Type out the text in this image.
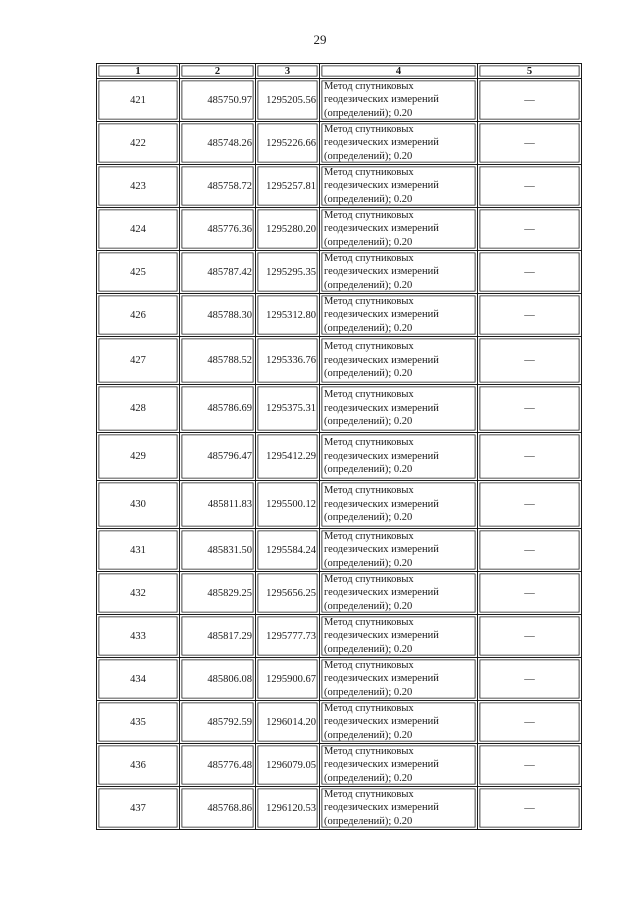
29
1	2	3	4	5
421	485750.97	1295205.56	Метод спутниковых
геодезических измерений
(определений); 0.20	—
422	485748.26	1295226.66	Метод спутниковых
геодезических измерений
(определений); 0.20	—
423	485758.72	1295257.81	Метод спутниковых
геодезических измерений
(определений); 0.20	—
424	485776.36	1295280.20	Метод спутниковых
геодезических измерений
(определений); 0.20	—
425	485787.42	1295295.35	Метод спутниковых
геодезических измерений
(определений); 0.20	—
426	485788.30	1295312.80	Метод спутниковых
геодезических измерений
(определений); 0.20	—
427	485788.52	1295336.76	Метод спутниковых
геодезических измерений
(определений); 0.20	—
428	485786.69	1295375.31	Метод спутниковых
геодезических измерений
(определений); 0.20	—
429	485796.47	1295412.29	Метод спутниковых
геодезических измерений
(определений); 0.20	—
430	485811.83	1295500.12	Метод спутниковых
геодезических измерений
(определений); 0.20	—
431	485831.50	1295584.24	Метод спутниковых
геодезических измерений
(определений); 0.20	—
432	485829.25	1295656.25	Метод спутниковых
геодезических измерений
(определений); 0.20	—
433	485817.29	1295777.73	Метод спутниковых
геодезических измерений
(определений); 0.20	—
434	485806.08	1295900.67	Метод спутниковых
геодезических измерений
(определений); 0.20	—
435	485792.59	1296014.20	Метод спутниковых
геодезических измерений
(определений); 0.20	—
436	485776.48	1296079.05	Метод спутниковых
геодезических измерений
(определений); 0.20	—
437	485768.86	1296120.53	Метод спутниковых
геодезических измерений
(определений); 0.20	—
